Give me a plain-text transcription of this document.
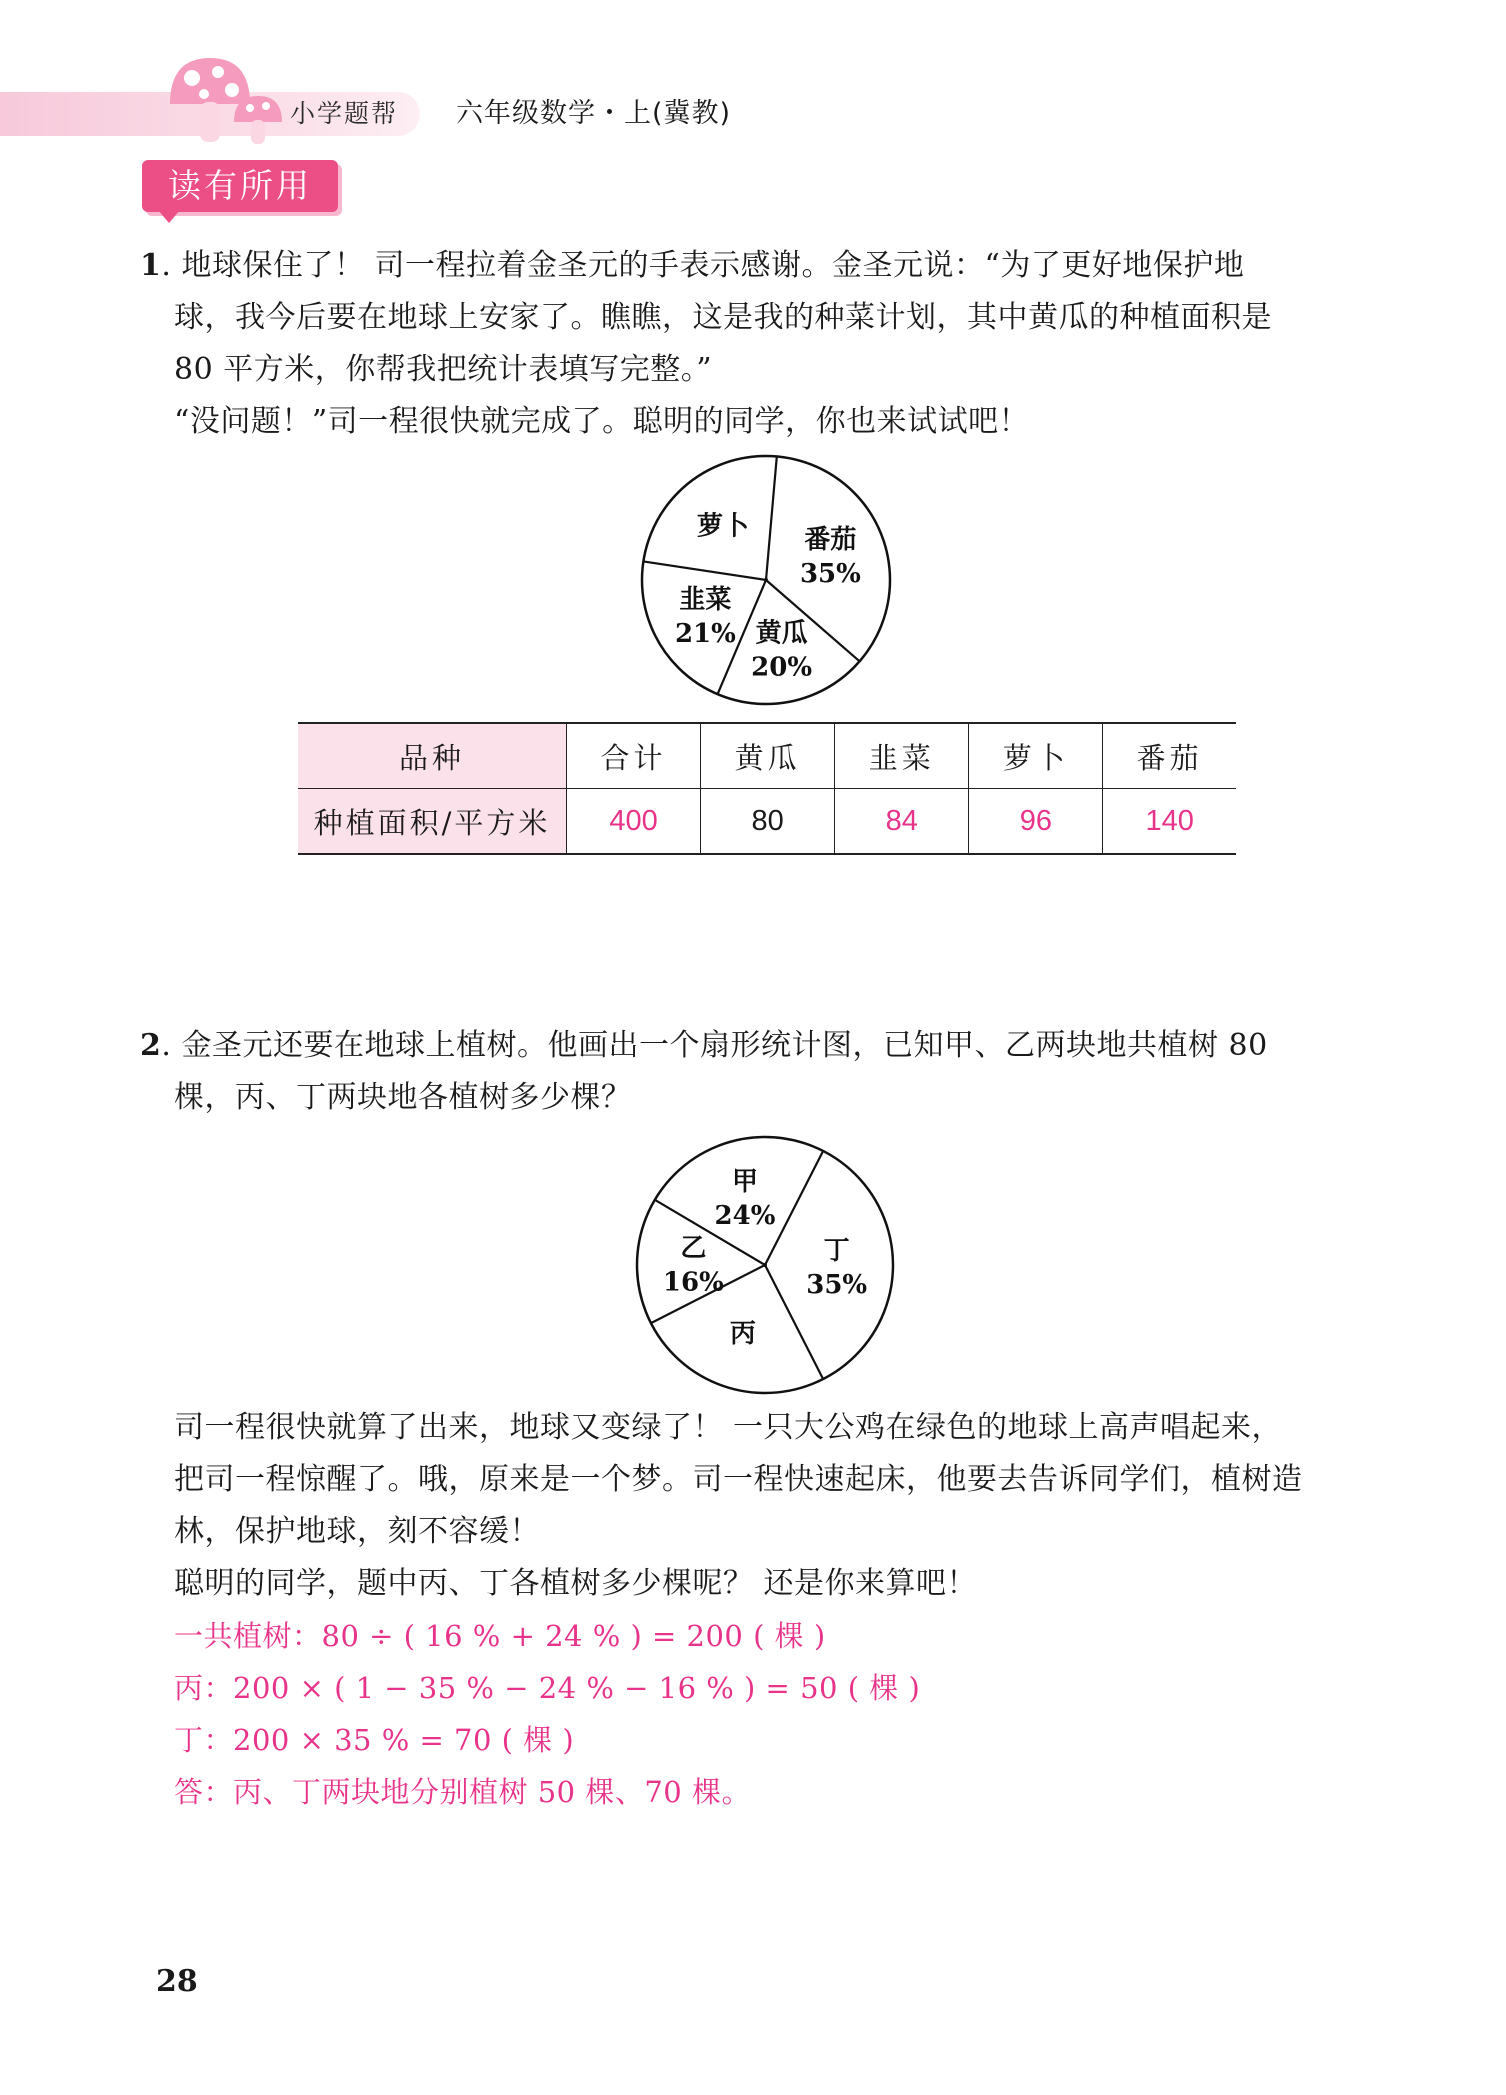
小学题帮 六年级数学・上(冀教)
读有所用
1. 地球保住了！ 司一程拉着金圣元的手表示感谢。金圣元说：“为了更好地保护地
球，我今后要在地球上安家了。瞧瞧，这是我的种菜计划，其中黄瓜的种植面积是
80 平方米，你帮我把统计表填写完整。”
“没问题！”司一程很快就完成了。聪明的同学，你也来试试吧！
番茄
35%
黄瓜
20%
韭菜
21%
萝卜
品种	合计	黄瓜	韭菜	萝卜	番茄
种植面积/平方米	400	80	84	96	140
2. 金圣元还要在地球上植树。他画出一个扇形统计图，已知甲、乙两块地共植树 80
棵，丙、丁两块地各植树多少棵？
丁
35%
丙
乙
16%
甲
24%
司一程很快就算了出来，地球又变绿了！ 一只大公鸡在绿色的地球上高声唱起来，
把司一程惊醒了。哦，原来是一个梦。司一程快速起床，他要去告诉同学们，植树造
林，保护地球，刻不容缓！
聪明的同学，题中丙、丁各植树多少棵呢？ 还是你来算吧！
一共植树：80 ÷ ( 16 % + 24 % ) = 200 ( 棵 )
丙：200 × ( 1 − 35 % − 24 % − 16 % ) = 50 ( 棵 )
丁：200 × 35 % = 70 ( 棵 )
答：丙、丁两块地分别植树 50 棵、70 棵。
28
